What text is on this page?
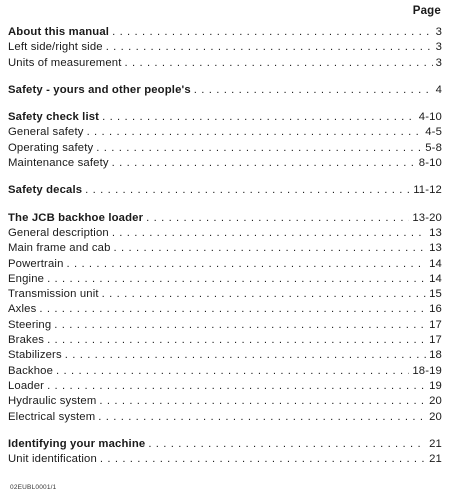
Page
About this manual . . .	3
Left side/right side . . .	3
Units of measurement . . .	3
Safety - yours and other people's . . .	4
Safety check list . . .	4-10
General safety . . .	4-5
Operating safety . . .	5-8
Maintenance safety . . .	8-10
Safety decals . . .	11-12
The JCB backhoe loader . . .	13-20
General description . . .	13
Main frame and cab . . .	13
Powertrain . . .	14
Engine . . .	14
Transmission unit . . .	15
Axles . . .	16
Steering . . .	17
Brakes . . .	17
Stabilizers . . .	18
Backhoe . . .	18-19
Loader . . .	19
Hydraulic system . . .	20
Electrical system . . .	20
Identifying your machine . . .	21
Unit identification . . .	21
02EUBL0001/1
